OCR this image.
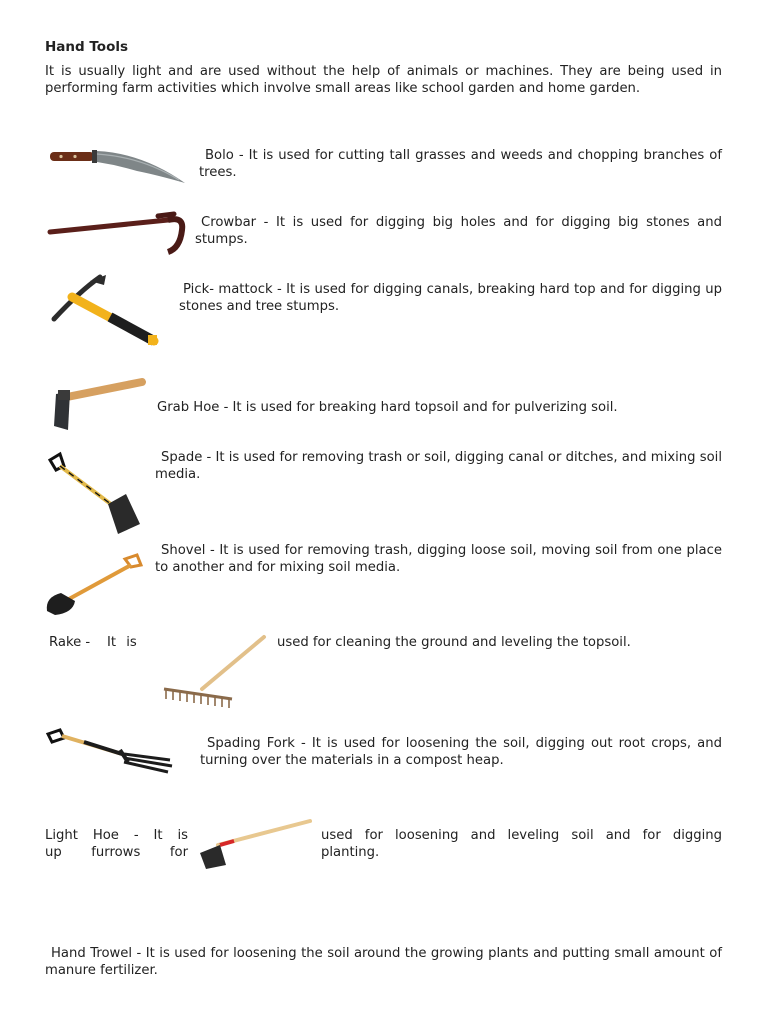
Hand Tools
It is usually light and are used without the help of animals or machines. They are being used in performing farm activities which involve small areas like school garden and home garden.
Bolo - It is used for cutting tall grasses and weeds and chopping branches of trees.
Crowbar - It is used for digging big holes and for digging big stones and stumps.
Pick- mattock - It is used for digging canals, breaking hard top and for digging up stones and tree stumps.
Grab Hoe - It is used for breaking hard topsoil and for pulverizing soil.
Spade - It is used for removing trash or soil, digging canal or ditches, and mixing soil media.
Shovel - It is used for removing trash, digging loose soil, moving soil from one place to another and for mixing soil media.
Rake - It is	used for cleaning the ground and leveling the topsoil.
Spading Fork - It is used for loosening the soil, digging out root crops, and turning over the materials in a compost heap.
Light Hoe - It is
up furrows for
used for loosening and leveling soil and for digging
planting.
Hand Trowel - It is used for loosening the soil around the growing plants and putting small amount of manure fertilizer.
